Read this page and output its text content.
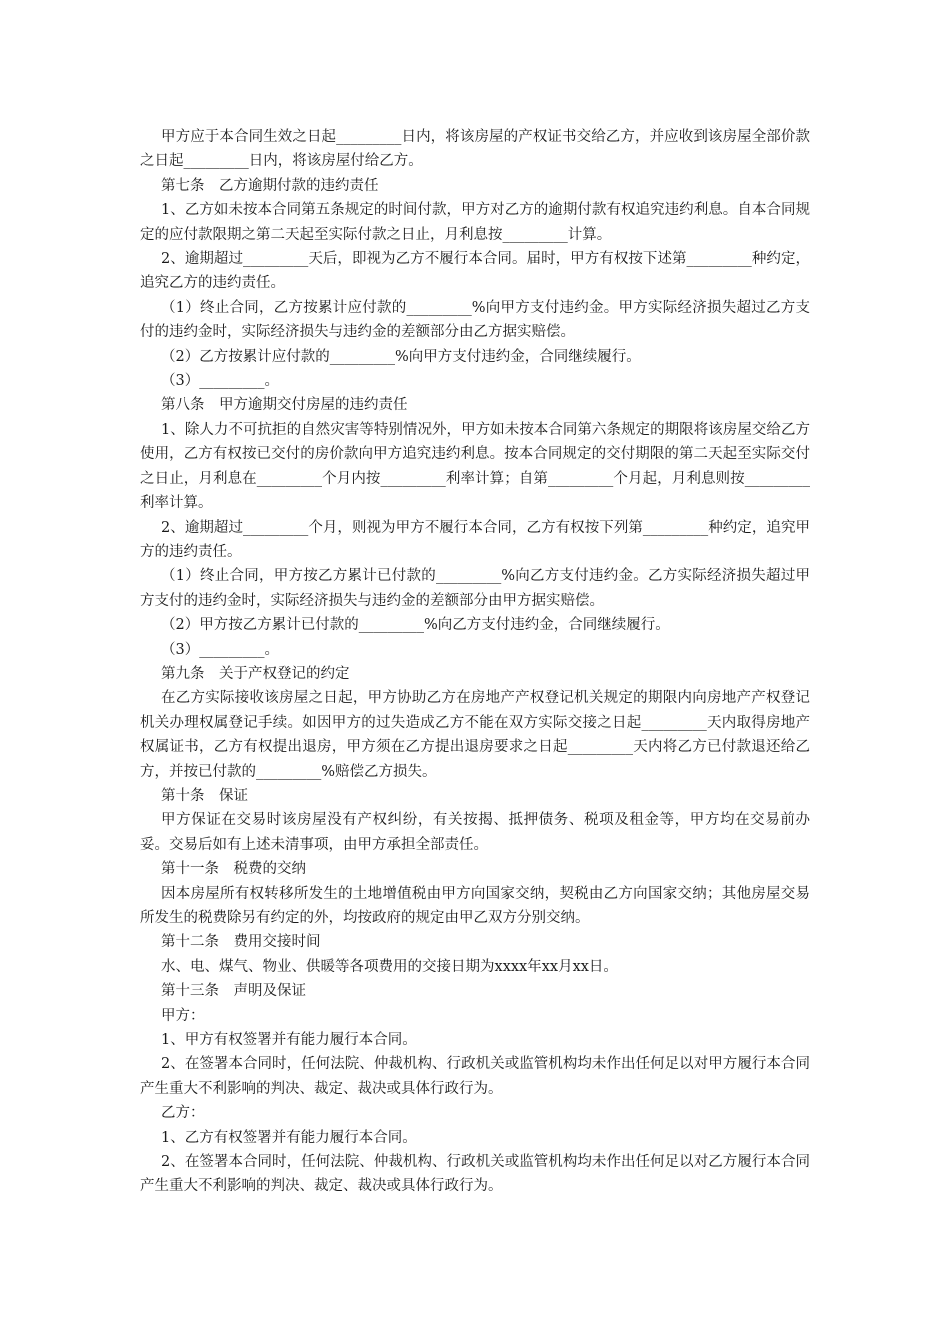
甲方应于本合同生效之日起_________日内，将该房屋的产权证书交给乙方，并应收到该房屋全部价款之日起_________日内，将该房屋付给乙方。

第七条　乙方逾期付款的违约责任

1、乙方如未按本合同第五条规定的时间付款，甲方对乙方的逾期付款有权追究违约利息。自本合同规定的应付款限期之第二天起至实际付款之日止，月利息按_________计算。

2、逾期超过_________天后，即视为乙方不履行本合同。届时，甲方有权按下述第_________种约定，追究乙方的违约责任。

（1）终止合同，乙方按累计应付款的_________%向甲方支付违约金。甲方实际经济损失超过乙方支付的违约金时，实际经济损失与违约金的差额部分由乙方据实赔偿。

（2）乙方按累计应付款的_________%向甲方支付违约金，合同继续履行。

（3）_________。

第八条　甲方逾期交付房屋的违约责任

1、除人力不可抗拒的自然灾害等特别情况外，甲方如未按本合同第六条规定的期限将该房屋交给乙方使用，乙方有权按已交付的房价款向甲方追究违约利息。按本合同规定的交付期限的第二天起至实际交付之日止，月利息在_________个月内按_________利率计算；自第_________个月起，月利息则按_________利率计算。

2、逾期超过_________个月，则视为甲方不履行本合同，乙方有权按下列第_________种约定，追究甲方的违约责任。

（1）终止合同，甲方按乙方累计已付款的_________%向乙方支付违约金。乙方实际经济损失超过甲方支付的违约金时，实际经济损失与违约金的差额部分由甲方据实赔偿。

（2）甲方按乙方累计已付款的_________%向乙方支付违约金，合同继续履行。

（3）_________。

第九条　关于产权登记的约定

在乙方实际接收该房屋之日起，甲方协助乙方在房地产产权登记机关规定的期限内向房地产产权登记机关办理权属登记手续。如因甲方的过失造成乙方不能在双方实际交接之日起_________天内取得房地产权属证书，乙方有权提出退房，甲方须在乙方提出退房要求之日起_________天内将乙方已付款退还给乙方，并按已付款的_________%赔偿乙方损失。

第十条　保证

甲方保证在交易时该房屋没有产权纠纷，有关按揭、抵押债务、税项及租金等，甲方均在交易前办妥。交易后如有上述未清事项，由甲方承担全部责任。

第十一条　税费的交纳

因本房屋所有权转移所发生的土地增值税由甲方向国家交纳，契税由乙方向国家交纳；其他房屋交易所发生的税费除另有约定的外，均按政府的规定由甲乙双方分别交纳。

第十二条　费用交接时间

水、电、煤气、物业、供暖等各项费用的交接日期为xxxx年xx月xx日。

第十三条　声明及保证

甲方：

1、甲方有权签署并有能力履行本合同。

2、在签署本合同时，任何法院、仲裁机构、行政机关或监管机构均未作出任何足以对甲方履行本合同产生重大不利影响的判决、裁定、裁决或具体行政行为。

乙方：

1、乙方有权签署并有能力履行本合同。

2、在签署本合同时，任何法院、仲裁机构、行政机关或监管机构均未作出任何足以对乙方履行本合同产生重大不利影响的判决、裁定、裁决或具体行政行为。
